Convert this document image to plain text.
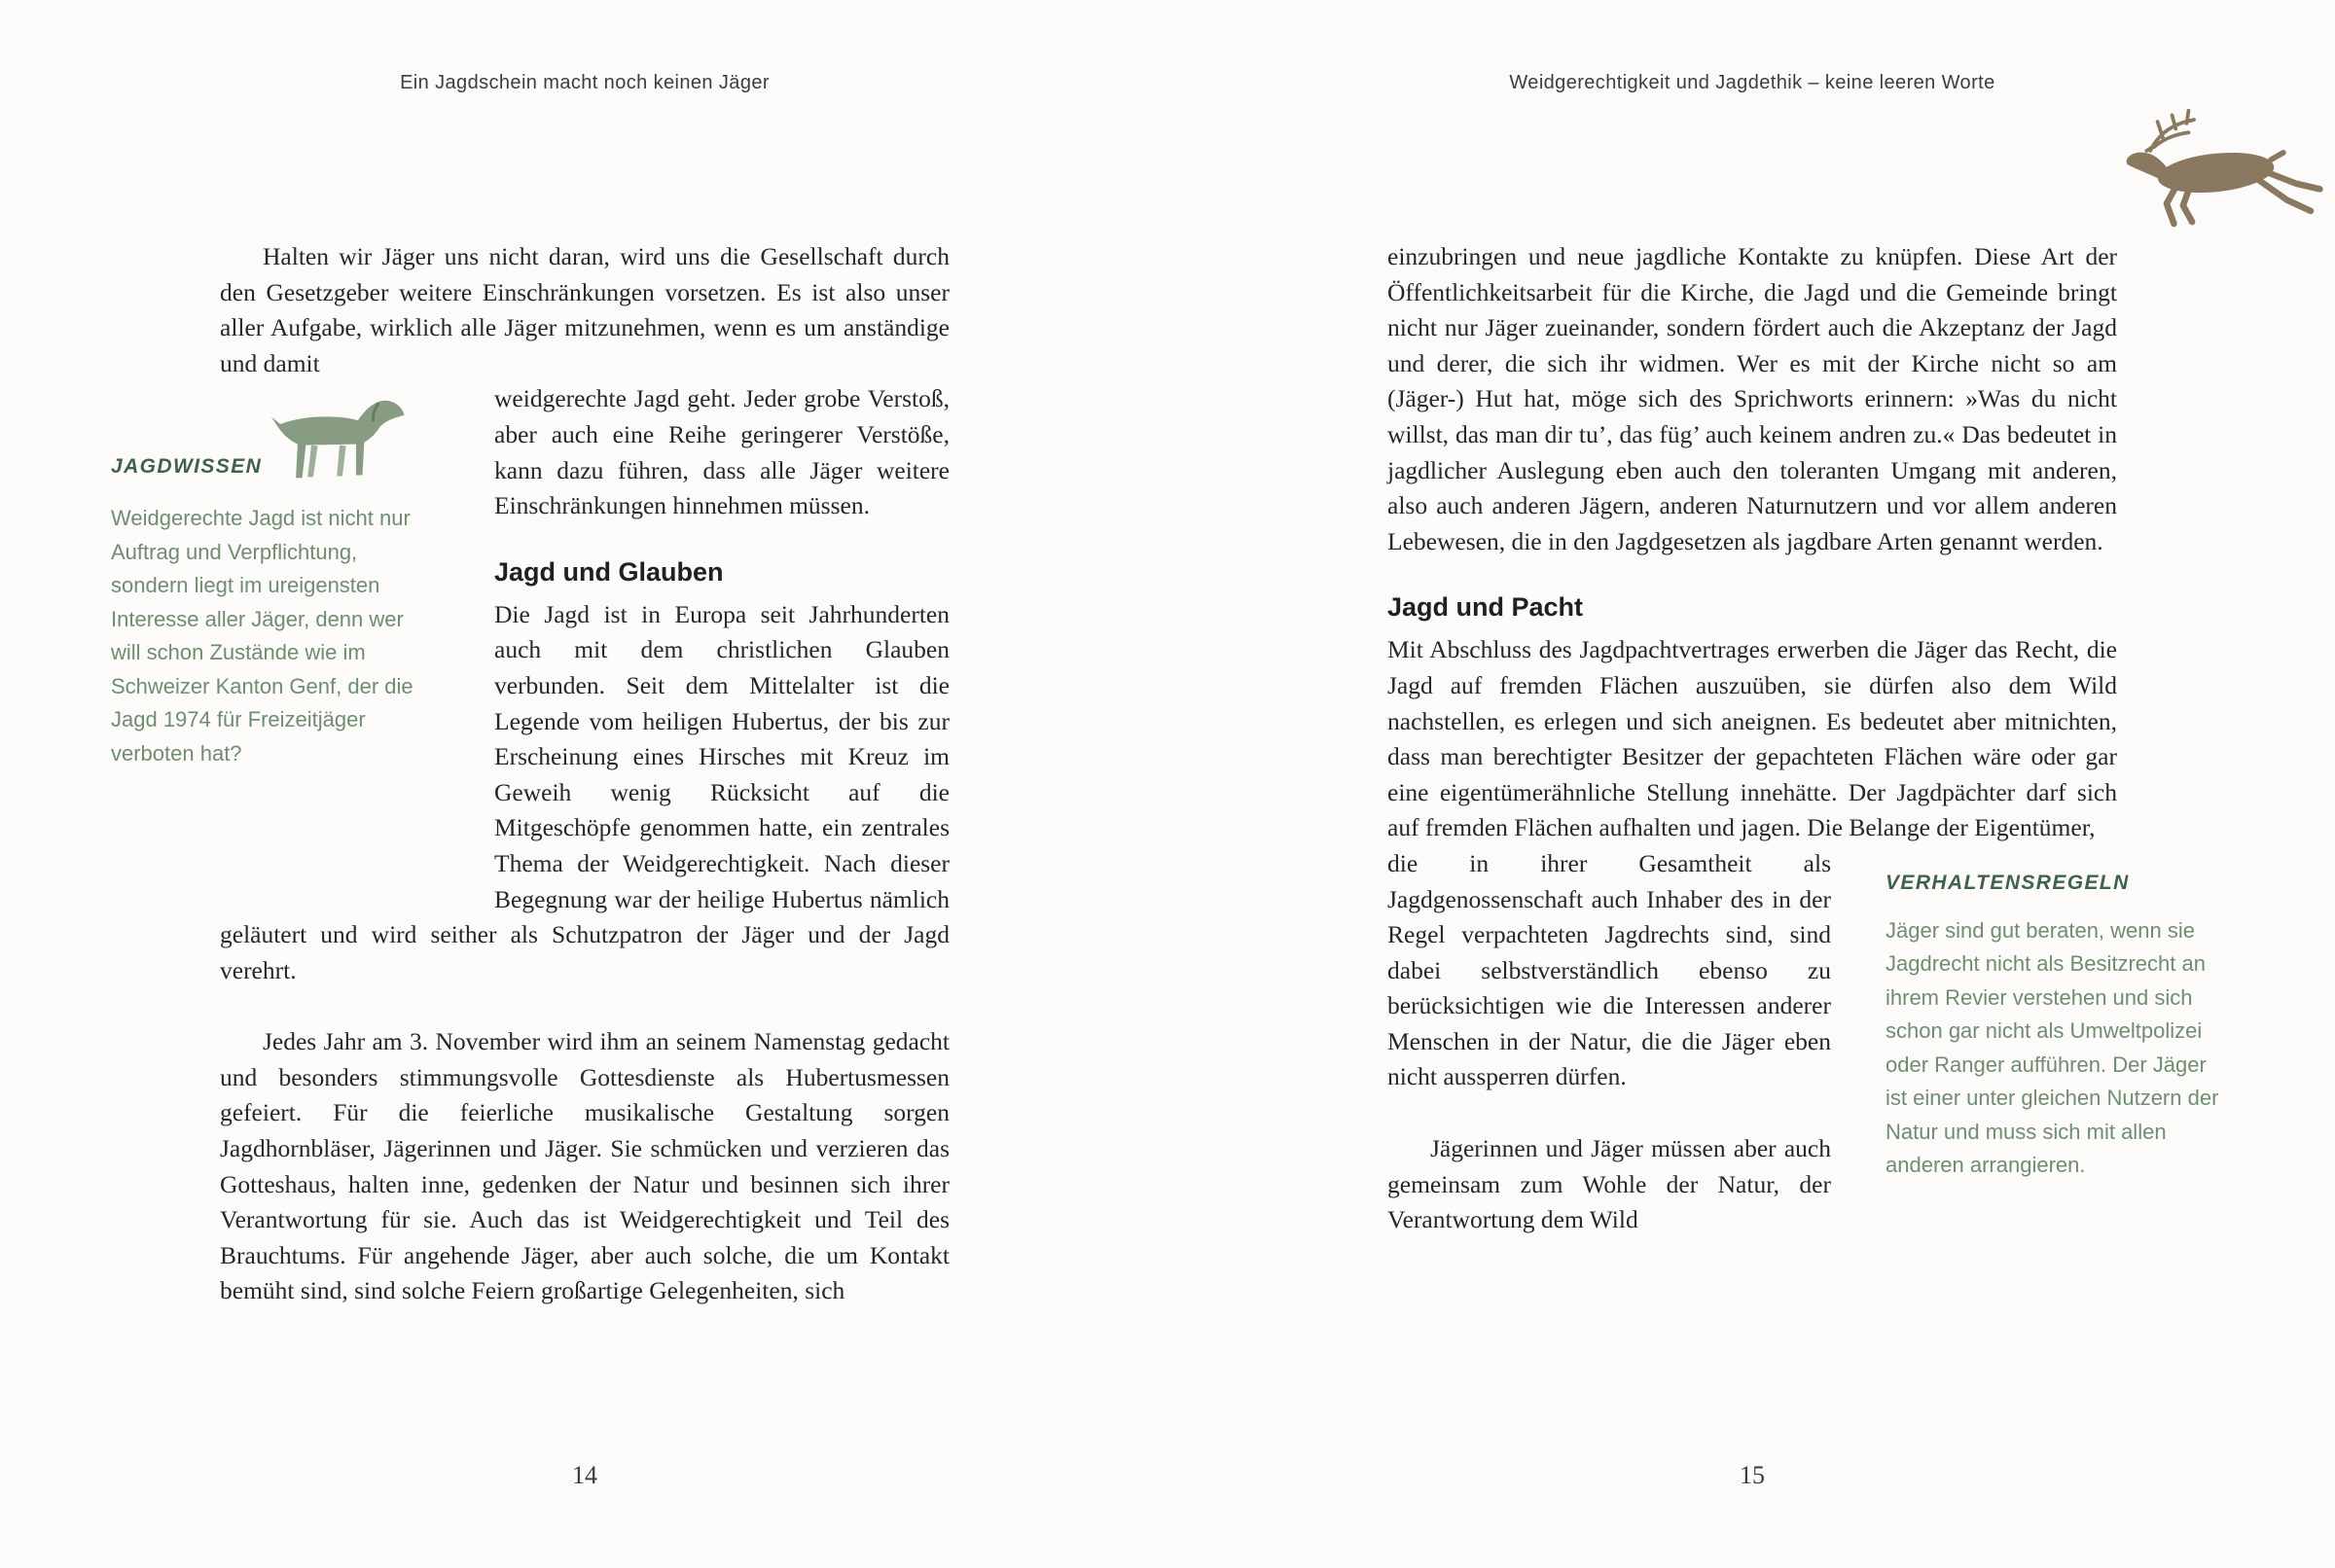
Ein Jagdschein macht noch keinen Jäger

Halten wir Jäger uns nicht daran, wird uns die Gesellschaft durch den Gesetzgeber weitere Einschränkungen vorsetzen. Es ist also unser aller Aufgabe, wirklich alle Jäger mitzunehmen, wenn es um anständige und damit

JAGDWISSEN

Weidgerechte Jagd ist nicht nur Auftrag und Verpflichtung, sondern liegt im ureigensten Interesse aller Jäger, denn wer will schon Zustände wie im Schweizer Kanton Genf, der die Jagd 1974 für Freizeitjäger verboten hat?

weidgerechte Jagd geht. Jeder grobe Verstoß, aber auch eine Reihe geringerer Verstöße, kann dazu führen, dass alle Jäger weitere Einschränkungen hinnehmen müssen.

Jagd und Glauben

Die Jagd ist in Europa seit Jahrhunderten auch mit dem christlichen Glauben verbunden. Seit dem Mittelalter ist die Legende vom heiligen Hubertus, der bis zur Erscheinung eines Hirsches mit Kreuz im Geweih wenig Rücksicht auf die Mitgeschöpfe genommen hatte, ein zentrales Thema der Weidgerechtigkeit. Nach dieser Begegnung war der heilige Hubertus nämlich geläutert und wird seither als Schutzpatron der Jäger und der Jagd verehrt.

Jedes Jahr am 3. November wird ihm an seinem Namenstag gedacht und besonders stimmungsvolle Gottesdienste als Hubertusmessen gefeiert. Für die feierliche musikalische Gestaltung sorgen Jagdhornbläser, Jägerinnen und Jäger. Sie schmücken und verzieren das Gotteshaus, halten inne, gedenken der Natur und besinnen sich ihrer Verantwortung für sie. Auch das ist Weidgerechtigkeit und Teil des Brauchtums. Für angehende Jäger, aber auch solche, die um Kontakt bemüht sind, sind solche Feiern großartige Gelegenheiten, sich

14
Weidgerechtigkeit und Jagdethik – keine leeren Worte

einzubringen und neue jagdliche Kontakte zu knüpfen. Diese Art der Öffentlichkeitsarbeit für die Kirche, die Jagd und die Gemeinde bringt nicht nur Jäger zueinander, sondern fördert auch die Akzeptanz der Jagd und derer, die sich ihr widmen. Wer es mit der Kirche nicht so am (Jäger-) Hut hat, möge sich des Sprichworts erinnern: »Was du nicht willst, das man dir tu’, das füg’ auch keinem andren zu.« Das bedeutet in jagdlicher Auslegung eben auch den toleranten Umgang mit anderen, also auch anderen Jägern, anderen Naturnutzern und vor allem anderen Lebewesen, die in den Jagdgesetzen als jagdbare Arten genannt werden.

Jagd und Pacht

Mit Abschluss des Jagdpachtvertrages erwerben die Jäger das Recht, die Jagd auf fremden Flächen auszuüben, sie dürfen also dem Wild nachstellen, es erlegen und sich aneignen. Es bedeutet aber mitnichten, dass man berechtigter Besitzer der gepachteten Flächen wäre oder gar eine eigentümerähnliche Stellung innehätte. Der Jagdpächter darf sich auf fremden Flächen aufhalten und jagen. Die Belange der Eigentümer,

VERHALTENSREGELN

Jäger sind gut beraten, wenn sie Jagdrecht nicht als Besitzrecht an ihrem Revier verstehen und sich schon gar nicht als Umweltpolizei oder Ranger aufführen. Der Jäger ist einer unter gleichen Nutzern der Natur und muss sich mit allen anderen arrangieren.

die in ihrer Gesamtheit als Jagdgenossenschaft auch Inhaber des in der Regel verpachteten Jagdrechts sind, sind dabei selbstverständlich ebenso zu berücksichtigen wie die Interessen anderer Menschen in der Natur, die die Jäger eben nicht aussperren dürfen.

Jägerinnen und Jäger müssen aber auch gemeinsam zum Wohle der Natur, der Verantwortung dem Wild

15
